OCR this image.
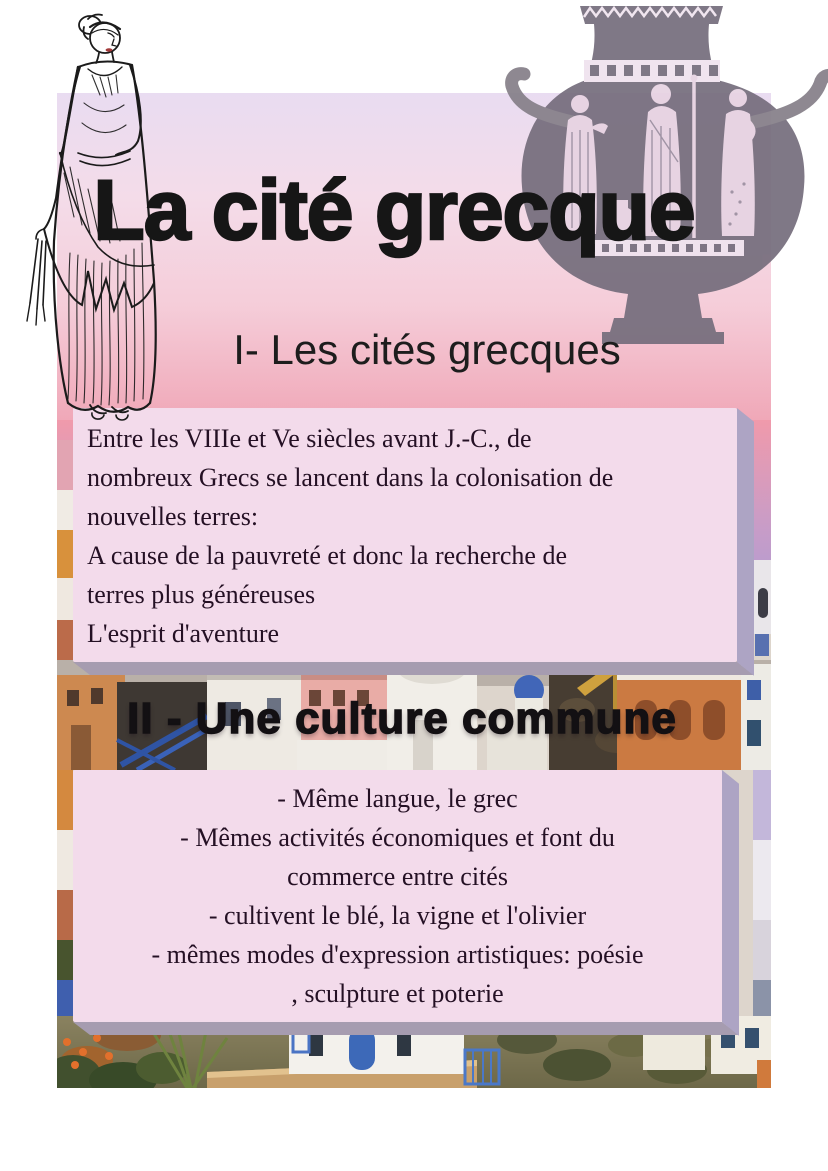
La cité grecque
I- Les cités grecques
Entre les VIIIe et Ve siècles avant J.-C., de
nombreux Grecs se lancent dans la colonisation de
nouvelles terres:
A cause de la pauvreté et donc la recherche de
terres plus généreuses
L'esprit d'aventure
II - Une culture commune
- Même langue, le grec
- Mêmes activités économiques et font du
commerce entre cités
- cultivent le blé, la vigne et l'olivier
- mêmes modes d'expression artistiques: poésie
, sculpture et poterie
